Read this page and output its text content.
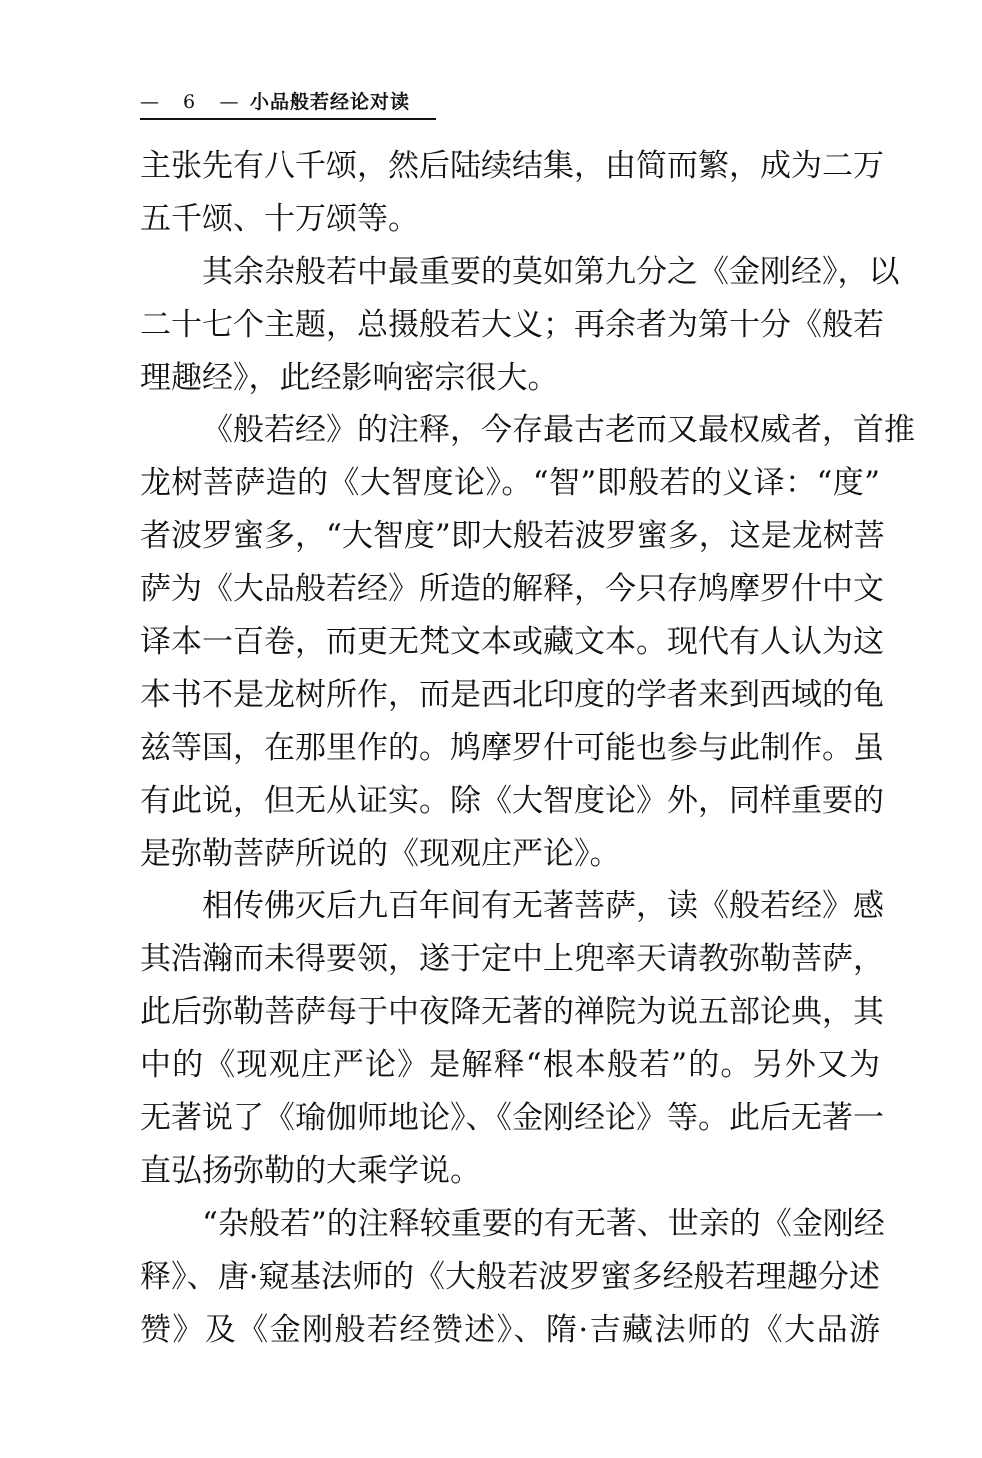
— 6 — 小品般若经论对读
主张先有八千颂，然后陆续结集，由简而繁，成为二万
五千颂、十万颂等。
其余杂般若中最重要的莫如第九分之《金刚经》，以
二十七个主题，总摄般若大义；再余者为第十分《般若
理趣经》，此经影响密宗很大。
《般若经》的注释，今存最古老而又最权威者，首推
龙树菩萨造的《大智度论》。“智”即般若的义译：“度”
者波罗蜜多，“大智度”即大般若波罗蜜多，这是龙树菩
萨为《大品般若经》所造的解释，今只存鸠摩罗什中文
译本一百卷，而更无梵文本或藏文本。现代有人认为这
本书不是龙树所作，而是西北印度的学者来到西域的龟
兹等国，在那里作的。鸠摩罗什可能也参与此制作。虽
有此说，但无从证实。除《大智度论》外，同样重要的
是弥勒菩萨所说的《现观庄严论》。
相传佛灭后九百年间有无著菩萨，读《般若经》感
其浩瀚而未得要领，遂于定中上兜率天请教弥勒菩萨，
此后弥勒菩萨每于中夜降无著的禅院为说五部论典，其
中的《现观庄严论》是解释“根本般若”的。另外又为
无著说了《瑜伽师地论》、《金刚经论》等。此后无著一
直弘扬弥勒的大乘学说。
“杂般若”的注释较重要的有无著、世亲的《金刚经
释》、唐·窥基法师的《大般若波罗蜜多经般若理趣分述
赞》及《金刚般若经赞述》、隋·吉藏法师的《大品游
